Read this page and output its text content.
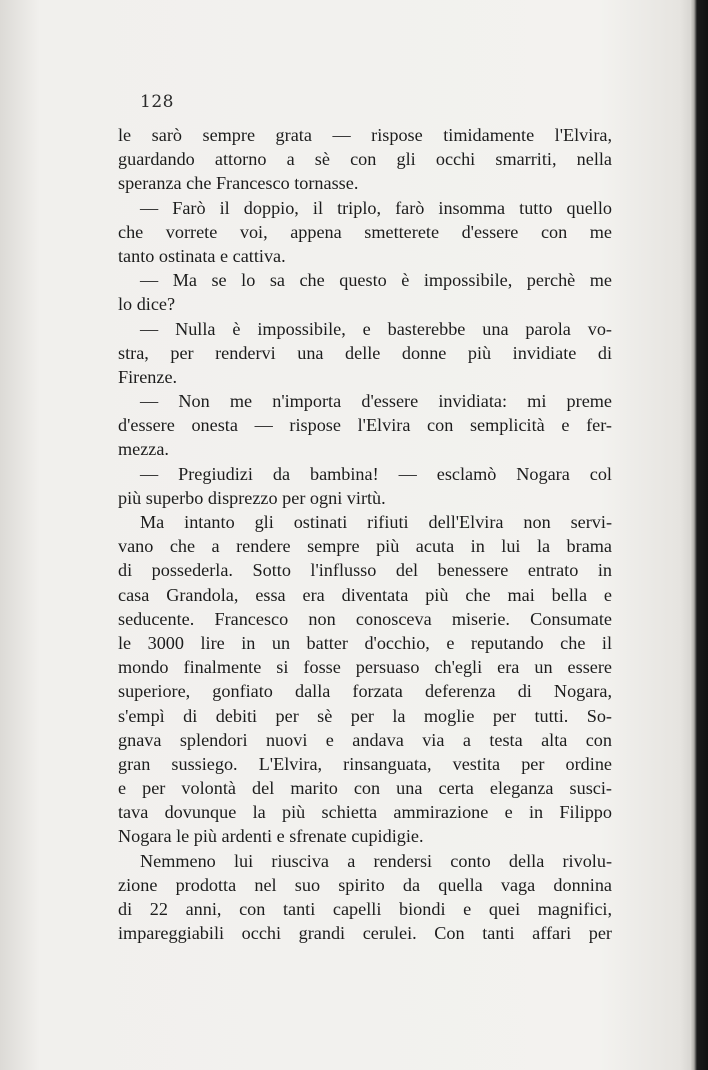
128
le sarò sempre grata — rispose timidamente l'Elvira,
guardando attorno a sè con gli occhi smarriti, nella
speranza che Francesco tornasse.
— Farò il doppio, il triplo, farò insomma tutto quello
che vorrete voi, appena smetterete d'essere con me
tanto ostinata e cattiva.
— Ma se lo sa che questo è impossibile, perchè me
lo dice?
— Nulla è impossibile, e basterebbe una parola vo-
stra, per rendervi una delle donne più invidiate di
Firenze.
— Non me n'importa d'essere invidiata: mi preme
d'essere onesta — rispose l'Elvira con semplicità e fer-
mezza.
— Pregiudizi da bambina! — esclamò Nogara col
più superbo disprezzo per ogni virtù.
Ma intanto gli ostinati rifiuti dell'Elvira non servi-
vano che a rendere sempre più acuta in lui la brama
di possederla. Sotto l'influsso del benessere entrato in
casa Grandola, essa era diventata più che mai bella e
seducente. Francesco non conosceva miserie. Consumate
le 3000 lire in un batter d'occhio, e reputando che il
mondo finalmente si fosse persuaso ch'egli era un essere
superiore, gonfiato dalla forzata deferenza di Nogara,
s'empì di debiti per sè per la moglie per tutti. So-
gnava splendori nuovi e andava via a testa alta con
gran sussiego. L'Elvira, rinsanguata, vestita per ordine
e per volontà del marito con una certa eleganza susci-
tava dovunque la più schietta ammirazione e in Filippo
Nogara le più ardenti e sfrenate cupidigie.
Nemmeno lui riusciva a rendersi conto della rivolu-
zione prodotta nel suo spirito da quella vaga donnina
di 22 anni, con tanti capelli biondi e quei magnifici,
impareggiabili occhi grandi cerulei. Con tanti affari per
